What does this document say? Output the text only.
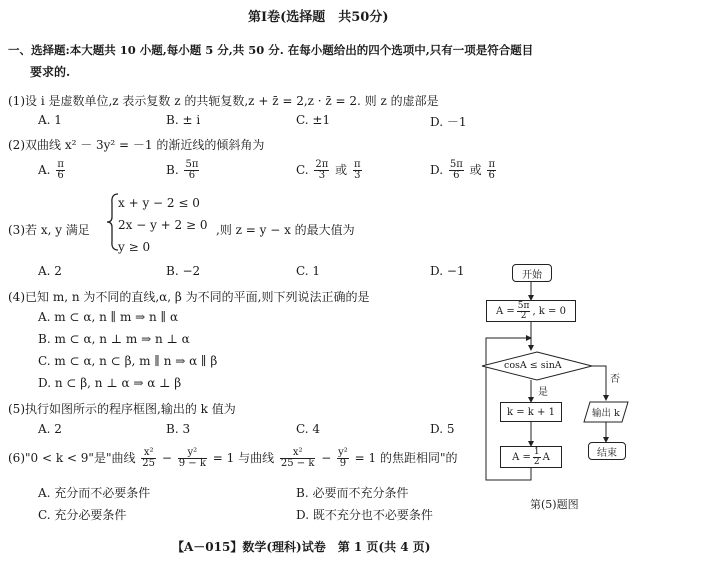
第Ⅰ卷(选择题　共50分)
一、选择题:本大题共 10 小题,每小题 5 分,共 50 分. 在每小题给出的四个选项中,只有一项是符合题目
要求的.
(1)设 i 是虚数单位,z 表示复数 z 的共轭复数,z + z̄ = 2,z · z̄ = 2. 则 z 的虚部是
A. 1	B. ± i	C. ±1	D. －1
(2)双曲线 x² － 3y² = －1 的渐近线的倾斜角为
A. $\frac{\pi}{6}$	B. $\frac{5\pi}{6}$	C. $\frac{2\pi}{3}$ 或 $\frac{\pi}{3}$	D. $\frac{5\pi}{6}$ 或 $\frac{\pi}{6}$
(3)若 x, y 满足
x + y − 2 ≤ 0
2x − y + 2 ≥ 0
y ≥ 0
,则 z = y − x 的最大值为
A. 2	B. −2	C. 1	D. −1
(4)已知 m, n 为不同的直线,α, β 为不同的平面,则下列说法正确的是
A. m ⊂ α, n ∥ m ⇒ n ∥ α
B. m ⊂ α, n ⊥ m ⇒ n ⊥ α
C. m ⊂ α, n ⊂ β, m ∥ n ⇒ α ∥ β
D. n ⊂ β, n ⊥ α ⇒ α ⊥ β
(5)执行如图所示的程序框图,输出的 k 值为
A. 2	B. 3	C. 4	D. 5
(6)"0 < k < 9"是"曲线 $\frac{\text{x²}}{25} - \frac{\text{y²}}{9 - k} = 1$ 与曲线 $\frac{\text{x²}}{25 - k} - \frac{\text{y²}}{9} = 1$ 的焦距相同"的
A. 充分而不必要条件	B. 必要而不充分条件
C. 充分必要条件	D. 既不充分也不必要条件
开始
$A = \frac{5\pi}{2}$ , k = 0
cosA ≤ sinA
是
否
k = k + 1
$A = \frac{1}{2}$ A
输出 k
结束
第(5)题图
【A－015】数学(理科)试卷　第 1 页(共 4 页)
